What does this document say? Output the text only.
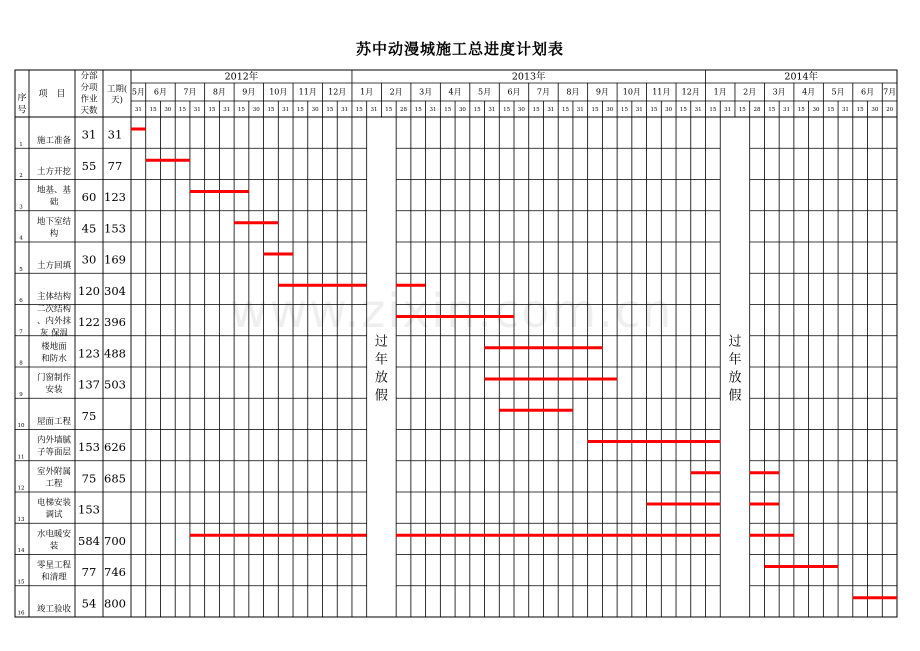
苏中动漫城施工总进度计划表
www.zixin.com.cn
序
号
项　目
分部
分项
作业
天数
工期(
天)
2012年	2013年	2014年
5月 6月 7月 8月 9月 10月 11月 12月 1月 2月 3月 4月 5月 6月 7月 8月 9月 10月 11月 12月 1月 2月 3月 4月 5月 6月 7月
31 15 30 15 31 15 31 15 30 15 31 15 30 15 31 15 31 15 28 15 31 15 30 15 31 15 30 15 31 15 31 15 30 15 31 15 30 15 31 15 31 15 28 15 31 15 30 15 31 15 30 20
过
年
放
假
过
年
放
假
1 施工准备 31 31
2 土方开挖 55 77
3
地基、基
础 60 123
4
地下室结
构 45 153
5 土方回填 30 169
6 主体结构 120 304
7
二次结构
、内外抹
灰 保温
122 396
8
楼地面
和防水 123 488
9
门窗制作
安装 137 503
10 屋面工程 75
11
内外墙腻
子等面层 153 626
12
室外附属
工程 75 685
13
电梯安装
调试 153
14
水电暖安
装 584 700
15
零星工程
和清理 77 746
16 竣工验收 54 800
